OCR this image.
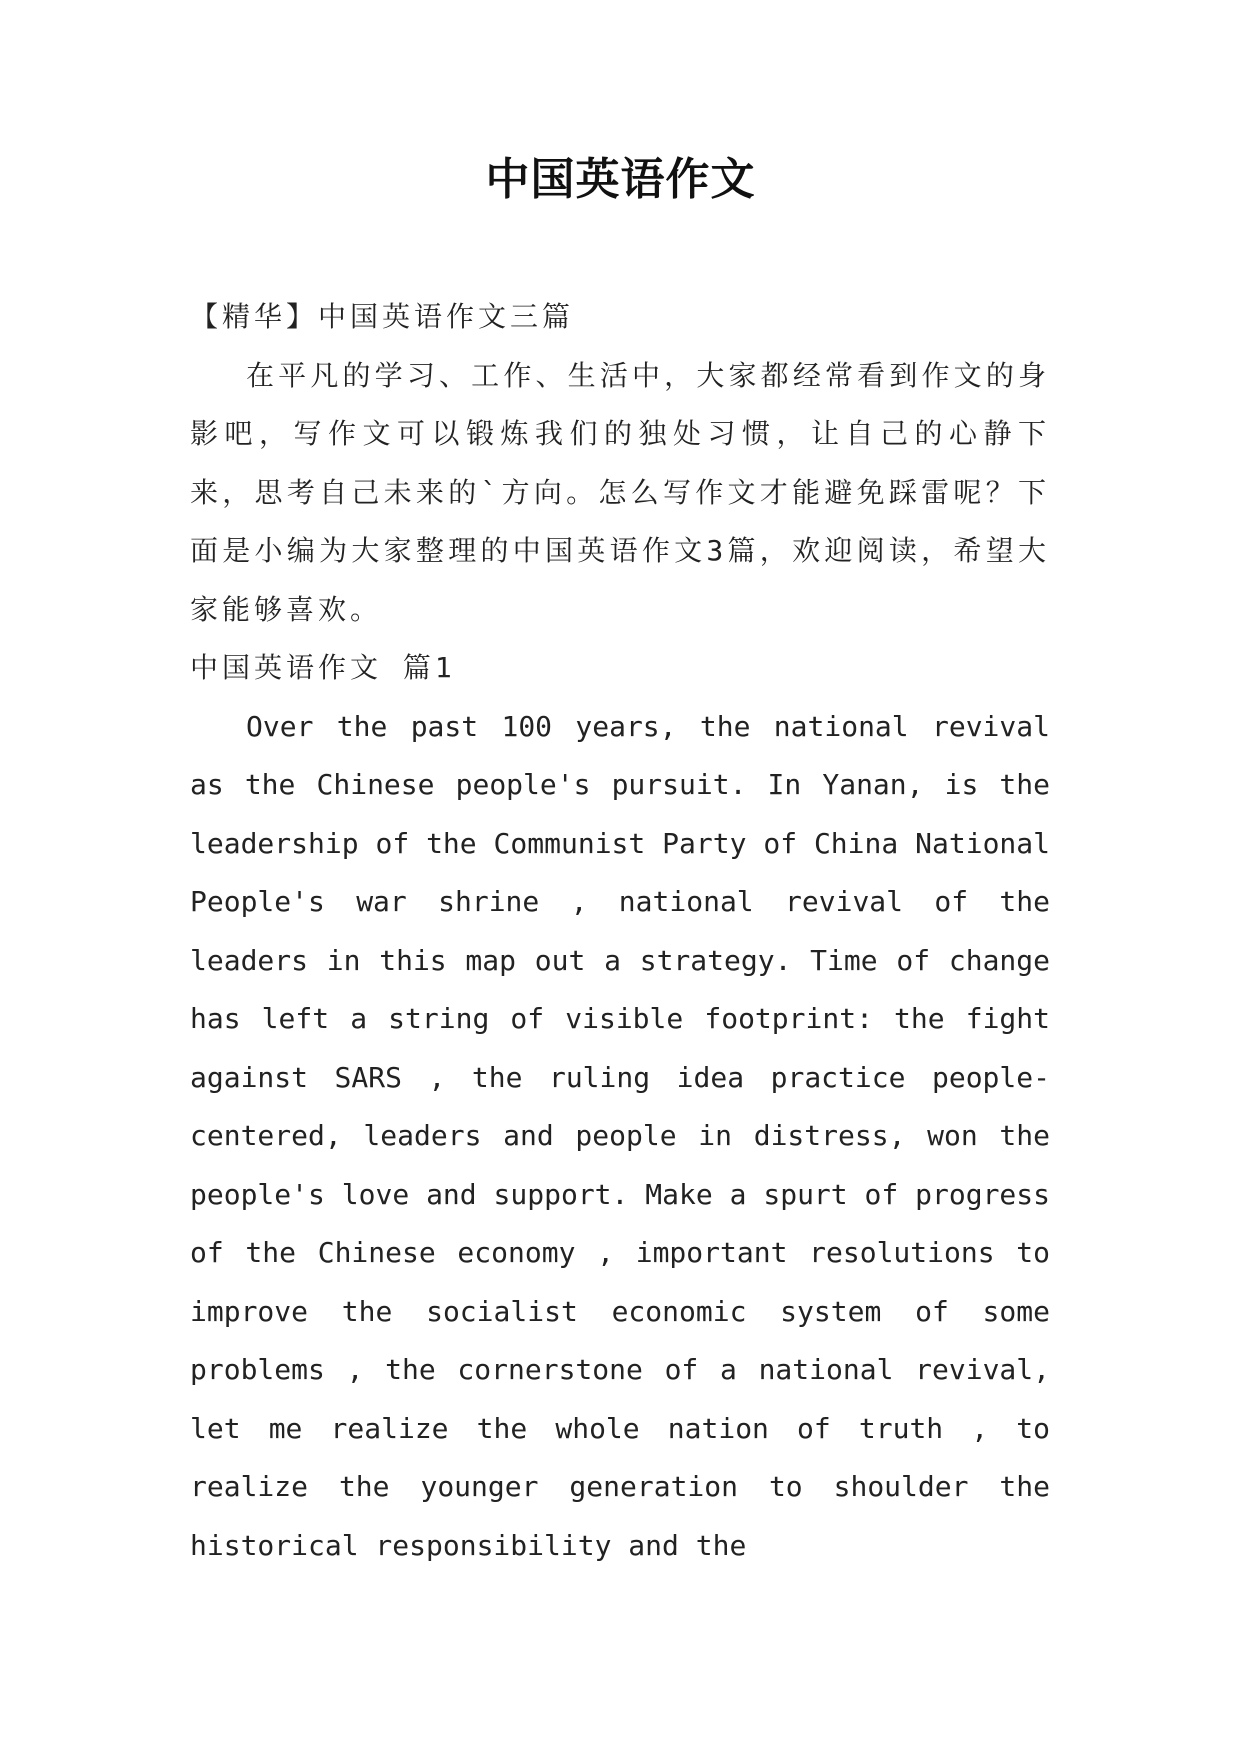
中国英语作文

【精华】中国英语作文三篇

在平凡的学习、工作、生活中，大家都经常看到作文的身影吧，写作文可以锻炼我们的独处习惯，让自己的心静下来，思考自己未来的`方向。怎么写作文才能避免踩雷呢？下面是小编为大家整理的中国英语作文3篇，欢迎阅读，希望大家能够喜欢。

中国英语作文 篇1

Over the past 100 years, the national revival as the Chinese people's pursuit. In Yanan, is the leadership of the Communist Party of China National People's war shrine , national revival of the leaders in this map out a strategy. Time of change has left a string of visible footprint: the fight against SARS , the ruling idea practice people-centered, leaders and people in distress, won the people's love and support. Make a spurt of progress of the Chinese economy , important resolutions to improve the socialist economic system of some problems , the cornerstone of a national revival, let me realize the whole nation of truth , to realize the younger generation to shoulder the historical responsibility and the
